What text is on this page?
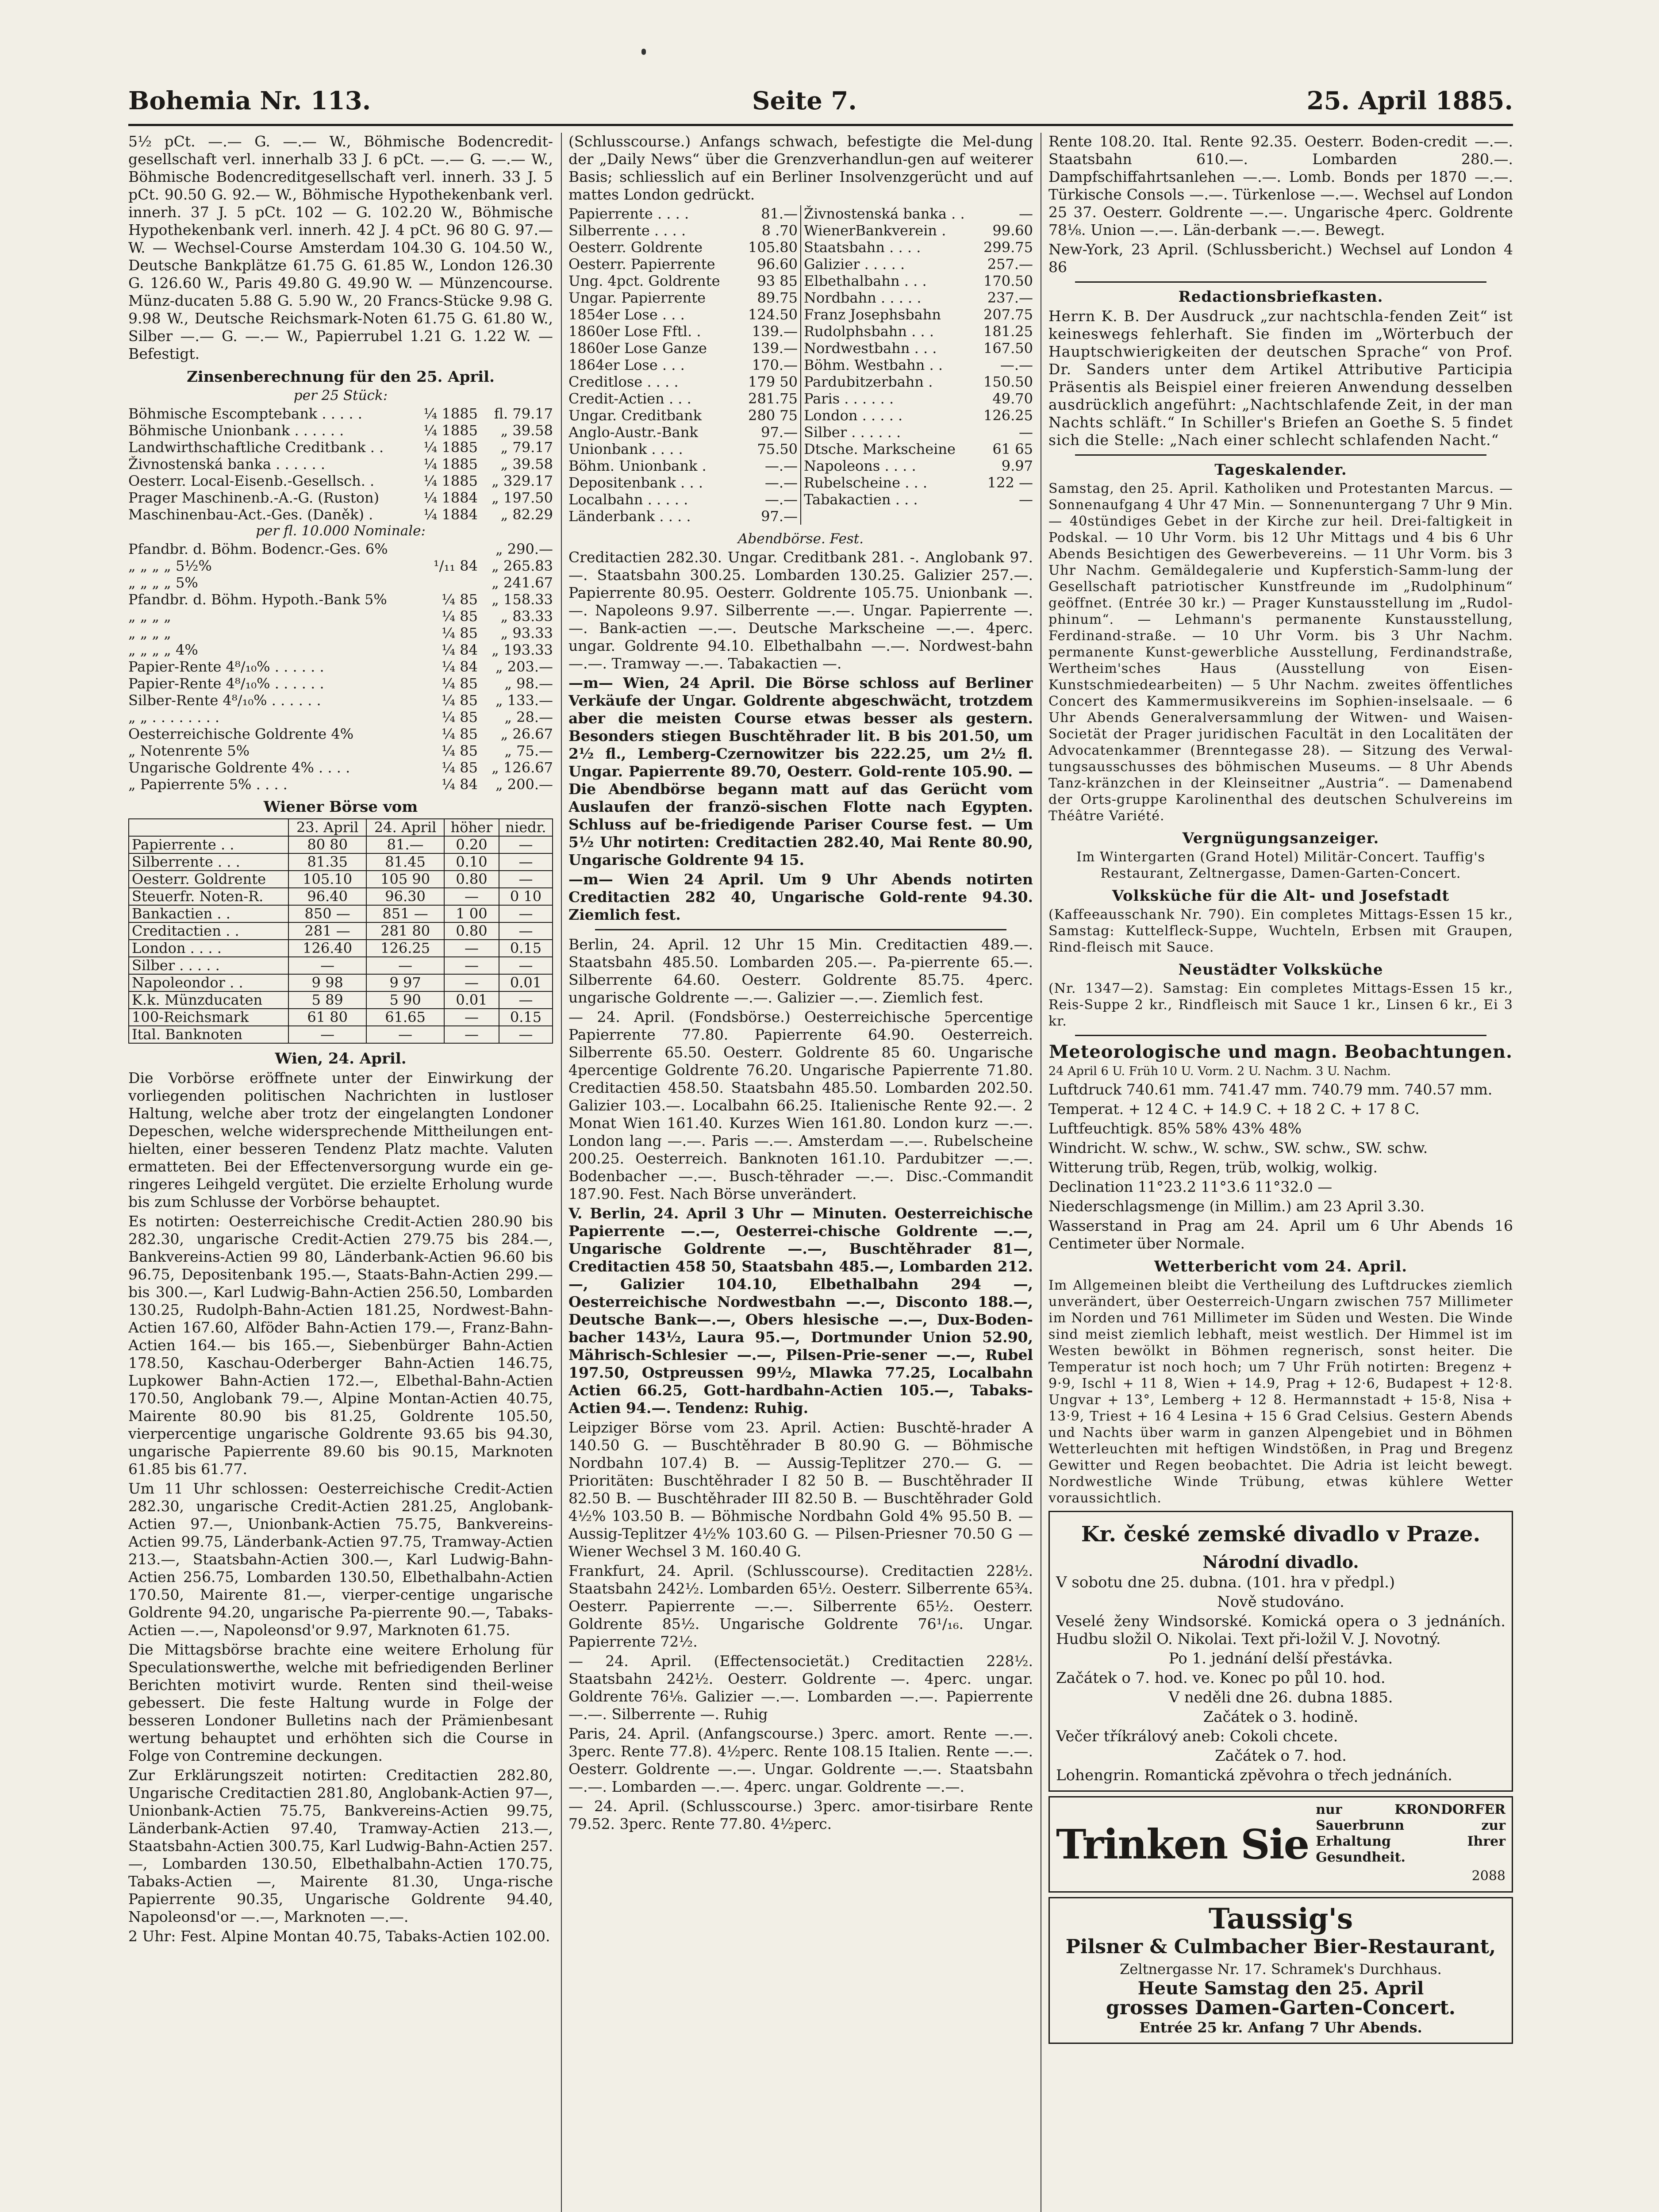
Bohemia Nr. 113.	Seite 7.	25. April 1885.

5½ pCt. —.— G. —.— W., Böhmische Bodencredit-gesellschaft verl. innerhalb 33 J. 6 pCt. —.— G. —.— W., Böhmische Bodencreditgesellschaft verl. innerh. 33 J. 5 pCt. 90.50 G. 92.— W., Böhmische Hypothekenbank verl. innerh. 37 J. 5 pCt. 102 — G. 102.20 W., Böhmische Hypothekenbank verl. innerh. 42 J. 4 pCt. 96 80 G. 97.— W. — Wechsel-Course Amsterdam 104.30 G. 104.50 W., Deutsche Bankplätze 61.75 G. 61.85 W., London 126.30 G. 126.60 W., Paris 49.80 G. 49.90 W. — Münzencourse. Münz-ducaten 5.88 G. 5.90 W., 20 Francs-Stücke 9.98 G. 9.98 W., Deutsche Reichsmark-Noten 61.75 G. 61.80 W., Silber —.— G. —.— W., Papierrubel 1.21 G. 1.22 W. — Befestigt.

Zinsenberechnung für den 25. April.
per 25 Stück:
Böhmische Escomptebank . . . . .	¼ 1885	fl. 79.17
Böhmische Unionbank . . . . . .	¼ 1885	„ 39.58
Landwirthschaftliche Creditbank . .	¼ 1885	„ 79.17
Živnostenská banka . . . . . .	¼ 1885	„ 39.58
Oesterr. Local-Eisenb.-Gesellsch. .	¼ 1885 „ 329.17
Prager Maschinenb.-A.-G. (Ruston)	¼ 1884 „ 197.50
Maschinenbau-Act.-Ges. (Daněk) .	¼ 1884	„ 82.29
per fl. 10.000 Nominale:
Pfandbr. d. Böhm. Bodencr.-Ges. 6%	„ 290.—
„ „ „ „ 5½%	¹/₁₁ 84 „ 265.83
„ „ „ „ 5%	„ 241.67
Pfandbr. d. Böhm. Hypoth.-Bank 5%	¼ 85 „ 158.33
„ „ „ „	¼ 85	„ 83.33
„ „ „ „	¼ 85	„ 93.33
„ „ „ „ 4%	¼ 84 „ 193.33
Papier-Rente 4⁸/₁₀% . . . . . .	¼ 84	„ 203.—
Papier-Rente 4⁸/₁₀% . . . . . .	¼ 85	„ 98.—
Silber-Rente 4⁸/₁₀% . . . . . .	¼ 85	„ 133.—
„ „ . . . . . . . .	¼ 85	„ 28.—
Oesterreichische Goldrente 4%	¼ 85	„ 26.67
„ Notenrente 5%	¼ 85	„ 75.—
Ungarische Goldrente 4% . . . .	¼ 85 „ 126.67
„ Papierrente 5% . . . .	¼ 84	„ 200.—
Wiener Börse vom
	23. April	24. April	höher	niedr.
Papierrente . .	80 80	81.—	0.20	—
Silberrente . . .	81.35	81.45	0.10	—
Oesterr. Goldrente	105.10	105 90	0.80	—
Steuerfr. Noten-R.	96.40	96.30	—	0 10
Bankactien . .	850 —	851 —	1 00	—
Creditactien . .	281 —	281 80	0.80	—
London . . . .	126.40	126.25	—	0.15
Silber . . . . .	—	—	—	—
Napoleondor . .	9 98	9 97	—	0.01
K.k. Münzducaten	5 89	5 90	0.01	—
100-Reichsmark	61 80	61.65	—	0.15
Ital. Banknoten	—	—	—	—
Wien, 24. April.

Die Vorbörse eröffnete unter der Einwirkung der vorliegenden politischen Nachrichten in lustloser Haltung, welche aber trotz der eingelangten Londoner Depeschen, welche widersprechende Mittheilungen ent-hielten, einer besseren Tendenz Platz machte. Valuten ermatteten. Bei der Effectenversorgung wurde ein ge-ringeres Leihgeld vergütet. Die erzielte Erholung wurde bis zum Schlusse der Vorbörse behauptet.

Es notirten: Oesterreichische Credit-Actien 280.90 bis 282.30, ungarische Credit-Actien 279.75 bis 284.—, Bankvereins-Actien 99 80, Länderbank-Actien 96.60 bis 96.75, Depositenbank 195.—, Staats-Bahn-Actien 299.— bis 300.—, Karl Ludwig-Bahn-Actien 256.50, Lombarden 130.25, Rudolph-Bahn-Actien 181.25, Nordwest-Bahn-Actien 167.60, Alföder Bahn-Actien 179.—, Franz-Bahn-Actien 164.— bis 165.—, Siebenbürger Bahn-Actien 178.50, Kaschau-Oderberger Bahn-Actien 146.75, Lupkower Bahn-Actien 172.—, Elbethal-Bahn-Actien 170.50, Anglobank 79.—, Alpine Montan-Actien 40.75, Mairente 80.90 bis 81.25, Goldrente 105.50, vierpercentige ungarische Goldrente 93.65 bis 94.30, ungarische Papierrente 89.60 bis 90.15, Marknoten 61.85 bis 61.77.

Um 11 Uhr schlossen: Oesterreichische Credit-Actien 282.30, ungarische Credit-Actien 281.25, Anglobank-Actien 97.—, Unionbank-Actien 75.75, Bankvereins-Actien 99.75, Länderbank-Actien 97.75, Tramway-Actien 213.—, Staatsbahn-Actien 300.—, Karl Ludwig-Bahn-Actien 256.75, Lombarden 130.50, Elbethalbahn-Actien 170.50, Mairente 81.—, vierper-centige ungarische Goldrente 94.20, ungarische Pa-pierrente 90.—, Tabaks-Actien —.—, Napoleonsd'or 9.97, Marknoten 61.75.

Die Mittagsbörse brachte eine weitere Erholung für Speculationswerthe, welche mit befriedigenden Berliner Berichten motivirt wurde. Renten sind theil-weise gebessert. Die feste Haltung wurde in Folge der besseren Londoner Bulletins nach der Prämienbesant wertung behauptet und erhöhten sich die Course in Folge von Contremine deckungen.

Zur Erklärungszeit notirten: Creditactien 282.80, Ungarische Creditactien 281.80, Anglobank-Actien 97—, Unionbank-Actien 75.75, Bankvereins-Actien 99.75, Länderbank-Actien 97.40, Tramway-Actien 213.—, Staatsbahn-Actien 300.75, Karl Ludwig-Bahn-Actien 257.—, Lombarden 130.50, Elbethalbahn-Actien 170.75, Tabaks-Actien —, Mairente 81.30, Unga-rische Papierrente 90.35, Ungarische Goldrente 94.40, Napoleonsd'or —.—, Marknoten —.—.

2 Uhr: Fest. Alpine Montan 40.75, Tabaks-Actien 102.00.

(Schlusscourse.) Anfangs schwach, befestigte die Mel-dung der „Daily News“ über die Grenzverhandlun-gen auf weiterer Basis; schliesslich auf ein Berliner Insolvenzgerücht und auf mattes London gedrückt.

Papierrente . . . .	81.— Živnostenská banka . .	—
Silberrente . . . .	8 .70 WienerBankverein .	99.60
Oesterr. Goldrente	105.80 Staatsbahn . . . .	299.75
Oesterr. Papierrente	96.60 Galizier . . . . .	257.—
Ung. 4pct. Goldrente	93 85 Elbethalbahn . . .	170.50
Ungar. Papierrente	89.75 Nordbahn . . . . .	237.—
1854er Lose . . .	124.50 Franz Josephsbahn	207.75
1860er Lose Fftl. .	139.— Rudolphsbahn . . .	181.25
1860er Lose Ganze	139.— Nordwestbahn . . .	167.50
1864er Lose . . .	170.— Böhm. Westbahn . .	—.—
Creditlose . . . .	179 50 Pardubitzerbahn .	150.50
Credit-Actien . . .	281.75 Paris . . . . . .	49.70
Ungar. Creditbank	280 75 London . . . . .	126.25
Anglo-Austr.-Bank	97.— Silber . . . . . .	—
Unionbank . . . .	75.50 Dtsche. Markscheine	61 65
Böhm. Unionbank .	—.— Napoleons . . . .	9.97
Depositenbank . . .	—.— Rubelscheine . . .	122 —
Localbahn . . . . .	—.— Tabakactien . . .	—
Länderbank . . . .	97.—
Abendbörse. Fest.

Creditactien 282.30. Ungar. Creditbank 281. -. Anglobank 97.—. Staatsbahn 300.25. Lombarden 130.25. Galizier 257.—. Papierrente 80.95. Oesterr. Goldrente 105.75. Unionbank —.—. Napoleons 9.97. Silberrente —.—. Ungar. Papierrente —.—. Bank-actien —.—. Deutsche Markscheine —.—. 4perc. ungar. Goldrente 94.10. Elbethalbahn —.—. Nordwest-bahn —.—. Tramway —.—. Tabakactien —.

—m— Wien, 24 April. Die Börse schloss auf Berliner Verkäufe der Ungar. Goldrente abgeschwächt, trotzdem aber die meisten Course etwas besser als gestern. Besonders stiegen Buschtěhrader lit. B bis 201.50, um 2½ fl., Lemberg-Czernowitzer bis 222.25, um 2½ fl. Ungar. Papierrente 89.70, Oesterr. Gold-rente 105.90. — Die Abendbörse begann matt auf das Gerücht vom Auslaufen der franzö-sischen Flotte nach Egypten. Schluss auf be-friedigende Pariser Course fest. — Um 5½ Uhr notirten: Creditactien 282.40, Mai Rente 80.90, Ungarische Goldrente 94 15.

—m— Wien 24 April. Um 9 Uhr Abends notirten Creditactien 282 40, Ungarische Gold-rente 94.30. Ziemlich fest.

Berlin, 24. April. 12 Uhr 15 Min. Creditactien 489.—. Staatsbahn 485.50. Lombarden 205.—. Pa-pierrente 65.—. Silberrente 64.60. Oesterr. Goldrente 85.75. 4perc. ungarische Goldrente —.—. Galizier —.—. Ziemlich fest.

— 24. April. (Fondsbörse.) Oesterreichische 5percentige Papierrente 77.80. Papierrente 64.90. Oesterreich. Silberrente 65.50. Oesterr. Goldrente 85 60. Ungarische 4percentige Goldrente 76.20. Ungarische Papierrente 71.80. Creditactien 458.50. Staatsbahn 485.50. Lombarden 202.50. Galizier 103.—. Localbahn 66.25. Italienische Rente 92.—. 2 Monat Wien 161.40. Kurzes Wien 161.80. London kurz —.—. London lang —.—. Paris —.—. Amsterdam —.—. Rubelscheine 200.25. Oesterreich. Banknoten 161.10. Pardubitzer —.—. Bodenbacher —.—. Busch-těhrader —.—. Disc.-Commandit 187.90. Fest. Nach Börse unverändert.

V. Berlin, 24. April 3 Uhr — Minuten. Oesterreichische Papierrente —.—, Oesterrei-chische Goldrente —.—, Ungarische Goldrente —.—, Buschtěhrader 81—, Creditactien 458 50, Staatsbahn 485.—, Lombarden 212.—, Galizier 104.10, Elbethalbahn 294 —, Oesterreichische Nordwestbahn —.—, Disconto 188.—, Deutsche Bank—.—, Obers hlesische —.—, Dux-Boden-bacher 143½, Laura 95.—, Dortmunder Union 52.90, Mährisch-Schlesier —.—, Pilsen-Prie-sener —.—, Rubel 197.50, Ostpreussen 99½, Mlawka 77.25, Localbahn Actien 66.25, Gott-hardbahn-Actien 105.—, Tabaks-Actien 94.—. Tendenz: Ruhig.

Leipziger Börse vom 23. April. Actien: Buschtě-hrader A 140.50 G. — Buschtěhrader B 80.90 G. — Böhmische Nordbahn 107.4) B. — Aussig-Teplitzer 270.— G. — Prioritäten: Buschtěhrader I 82 50 B. — Buschtěhrader II 82.50 B. — Buschtěhrader III 82.50 B. — Buschtěhrader Gold 4½% 103.50 B. — Böhmische Nordbahn Gold 4% 95.50 B. — Aussig-Teplitzer 4½% 103.60 G. — Pilsen-Priesner 70.50 G — Wiener Wechsel 3 M. 160.40 G.

Frankfurt, 24. April. (Schlusscourse). Creditactien 228½. Staatsbahn 242½. Lombarden 65½. Oesterr. Silberrente 65¾. Oesterr. Papierrente —.—. Silberrente 65½. Oesterr. Goldrente 85½. Ungarische Goldrente 76¹/₁₆. Ungar. Papierrente 72½.

— 24. April. (Effectensocietät.) Creditactien 228½. Staatsbahn 242½. Oesterr. Goldrente —. 4perc. ungar. Goldrente 76⅛. Galizier —.—. Lombarden —.—. Papierrente —.—. Silberrente —. Ruhig

Paris, 24. April. (Anfangscourse.) 3perc. amort. Rente —.—. 3perc. Rente 77.8). 4½perc. Rente 108.15 Italien. Rente —.—. Oesterr. Goldrente —.—. Ungar. Goldrente —.—. Staatsbahn —.—. Lombarden —.—. 4perc. ungar. Goldrente —.—.

— 24. April. (Schlusscourse.) 3perc. amor-tisirbare Rente 79.52. 3perc. Rente 77.80. 4½perc.

Rente 108.20. Ital. Rente 92.35. Oesterr. Boden-credit —.—. Staatsbahn 610.—. Lombarden 280.—. Dampfschiffahrtsanlehen —.—. Lomb. Bonds per 1870 —.—. Türkische Consols —.—. Türkenlose —.—. Wechsel auf London 25 37. Oesterr. Goldrente —.—. Ungarische 4perc. Goldrente 78⅛. Union —.—. Län-derbank —.—. Bewegt.

New-York, 23 April. (Schlussbericht.) Wechsel auf London 4 86

Redactionsbriefkasten.

Herrn K. B. Der Ausdruck „zur nachtschla-fenden Zeit“ ist keineswegs fehlerhaft. Sie finden im „Wörterbuch der Hauptschwierigkeiten der deutschen Sprache“ von Prof. Dr. Sanders unter dem Artikel Attributive Participia Präsentis als Beispiel einer freieren Anwendung desselben ausdrücklich angeführt: „Nachtschlafende Zeit, in der man Nachts schläft.“ In Schiller's Briefen an Goethe S. 5 findet sich die Stelle: „Nach einer schlecht schlafenden Nacht.“

Tageskalender.

Samstag, den 25. April. Katholiken und Protestanten Marcus. — Sonnenaufgang 4 Uhr 47 Min. — Sonnenuntergang 7 Uhr 9 Min. — 40stündiges Gebet in der Kirche zur heil. Drei-faltigkeit in Podskal. — 10 Uhr Vorm. bis 12 Uhr Mittags und 4 bis 6 Uhr Abends Besichtigen des Gewerbevereins. — 11 Uhr Vorm. bis 3 Uhr Nachm. Gemäldegalerie und Kupferstich-Samm-lung der Gesellschaft patriotischer Kunstfreunde im „Rudolphinum“ geöffnet. (Entrée 30 kr.) — Prager Kunstausstellung im „Rudol-phinum“. — Lehmann's permanente Kunstausstellung, Ferdinand-straße. — 10 Uhr Vorm. bis 3 Uhr Nachm. permanente Kunst-gewerbliche Ausstellung, Ferdinandstraße, Wertheim'sches Haus (Ausstellung von Eisen-Kunstschmiedearbeiten) — 5 Uhr Nachm. zweites öffentliches Concert des Kammermusikvereins im Sophien-inselsaale. — 6 Uhr Abends Generalversammlung der Witwen- und Waisen-Societät der Prager juridischen Facultät in den Localitäten der Advocatenkammer (Brenntegasse 28). — Sitzung des Verwal-tungsausschusses des böhmischen Museums. — 8 Uhr Abends Tanz-kränzchen in der Kleinseitner „Austria“. — Damenabend der Orts-gruppe Karolinenthal des deutschen Schulvereins im Théâtre Variété.

Vergnügungsanzeiger.

Im Wintergarten (Grand Hotel) Militär-Concert. Tauffig's Restaurant, Zeltnergasse, Damen-Garten-Concert.

Volksküche für die Alt- und Josefstadt

(Kaffeeausschank Nr. 790). Ein completes Mittags-Essen 15 kr., Samstag: Kuttelfleck-Suppe, Wuchteln, Erbsen mit Graupen, Rind-fleisch mit Sauce.

Neustädter Volksküche

(Nr. 1347—2). Samstag: Ein completes Mittags-Essen 15 kr., Reis-Suppe 2 kr., Rindfleisch mit Sauce 1 kr., Linsen 6 kr., Ei 3 kr.

Meteorologische und magn. Beobachtungen.
24 April 6 U. Früh 10 U. Vorm. 2 U. Nachm. 3 U. Nachm.
Luftdruck 740.61 mm. 741.47 mm. 740.79 mm. 740.57 mm.
Temperat. + 12 4 C. + 14.9 C. + 18 2 C. + 17 8 C.
Luftfeuchtigk. 85% 58% 43% 48%
Windricht. W. schw., W. schw., SW. schw., SW. schw.
Witterung trüb, Regen, trüb, wolkig, wolkig.
Declination 11°23.2 11°3.6 11°32.0 —
Niederschlagsmenge (in Millim.) am 23 April 3.30.
Wasserstand in Prag am 24. April um 6 Uhr Abends 16 Centimeter über Normale.
Wetterbericht vom 24. April.

Im Allgemeinen bleibt die Vertheilung des Luftdruckes ziemlich unverändert, über Oesterreich-Ungarn zwischen 757 Millimeter im Norden und 761 Millimeter im Süden und Westen. Die Winde sind meist ziemlich lebhaft, meist westlich. Der Himmel ist im Westen bewölkt in Böhmen regnerisch, sonst heiter. Die Temperatur ist noch hoch; um 7 Uhr Früh notirten: Bregenz + 9·9, Ischl + 11 8, Wien + 14.9, Prag + 12·6, Budapest + 12·8. Ungvar + 13°, Lemberg + 12 8. Hermannstadt + 15·8, Nisa + 13·9, Triest + 16 4 Lesina + 15 6 Grad Celsius. Gestern Abends und Nachts über warm in ganzen Alpengebiet und in Böhmen Wetterleuchten mit heftigen Windstößen, in Prag und Bregenz Gewitter und Regen beobachtet. Die Adria ist leicht bewegt. Nordwestliche Winde Trübung, etwas kühlere Wetter voraussichtlich.

Kr. české zemské divadlo v Praze.
Národní divadlo.
V sobotu dne 25. dubna. (101. hra v předpl.)
Nově studováno.
Veselé ženy Windsorské. Komická opera o 3 jednáních. Hudbu složil O. Nikolai. Text při-ložil V. J. Novotný.
Po 1. jednání delší přestávka.
Začátek o 7. hod. ve. Konec po půl 10. hod.
V neděli dne 26. dubna 1885.
Začátek o 3. hodině.
Večer tříkrálový aneb: Cokoli chcete.
Začátek o 7. hod.
Lohengrin. Romantická zpěvohra o třech jednáních.
Trinken Sie
nur KRONDORFER Sauerbrunn zur Erhaltung Ihrer Gesundheit.
2088
Taussig's
Pilsner & Culmbacher Bier-Restaurant,
Zeltnergasse Nr. 17. Schramek's Durchhaus.
Heute Samstag den 25. April
grosses Damen-Garten-Concert.
Entrée 25 kr. Anfang 7 Uhr Abends.
